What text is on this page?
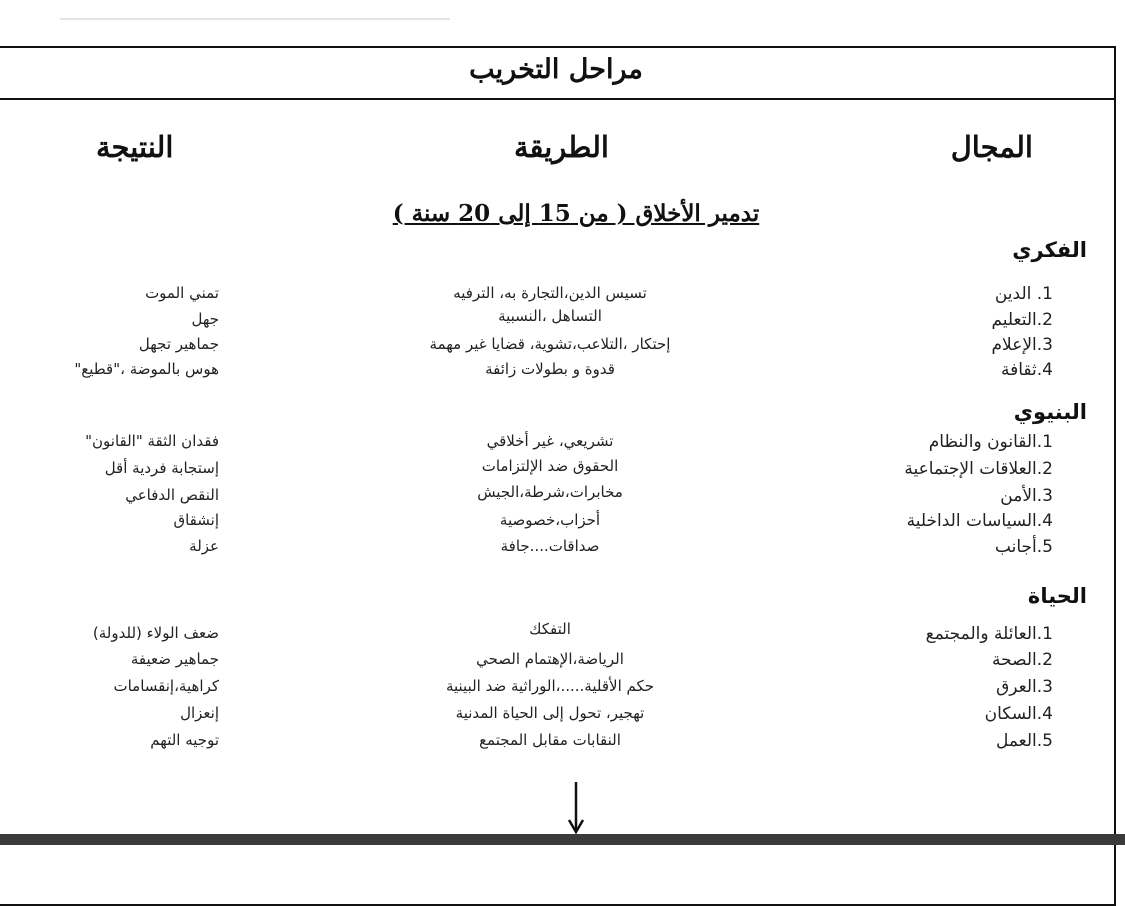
مراحل التخريب
المجال
الطريقة
النتيجة
تدمير الأخلاق ( من 15 إلى 20 سنة )
الفكري
1. الدين
تسيس الدين،التجارة به، الترفيه
تمني الموت
2.التعليم
التساهل ،النسبية
جهل
3.الإعلام
إحتكار ،التلاعب،تشوية، قضايا غير مهمة
جماهير تجهل
4.ثقافة
قدوة و بطولات زائفة
هوس بالموضة ،"قطيع"
البنيوي
1.القانون والنظام
تشريعي، غير أخلاقي
فقدان الثقة "القانون"
2.العلاقات الإجتماعية
الحقوق ضد الإلتزامات
إستجابة فردية أقل
3.الأمن
مخابرات،شرطة،الجيش
النقص الدفاعي
4.السياسات الداخلية
أحزاب،خصوصية
إنشقاق
5.أجانب
صداقات....جافة
عزلة
الحياة
1.العائلة والمجتمع
التفكك
ضعف الولاء (للدولة)
2.الصحة
الرياضة،الإهتمام الصحي
جماهير ضعيفة
3.العرق
حكم الأقلية.....،الوراثية ضد البينية
كراهية،إنقسامات
4.السكان
تهجير، تحول إلى الحياة المدنية
إنعزال
5.العمل
النقابات مقابل المجتمع
توجيه التهم
